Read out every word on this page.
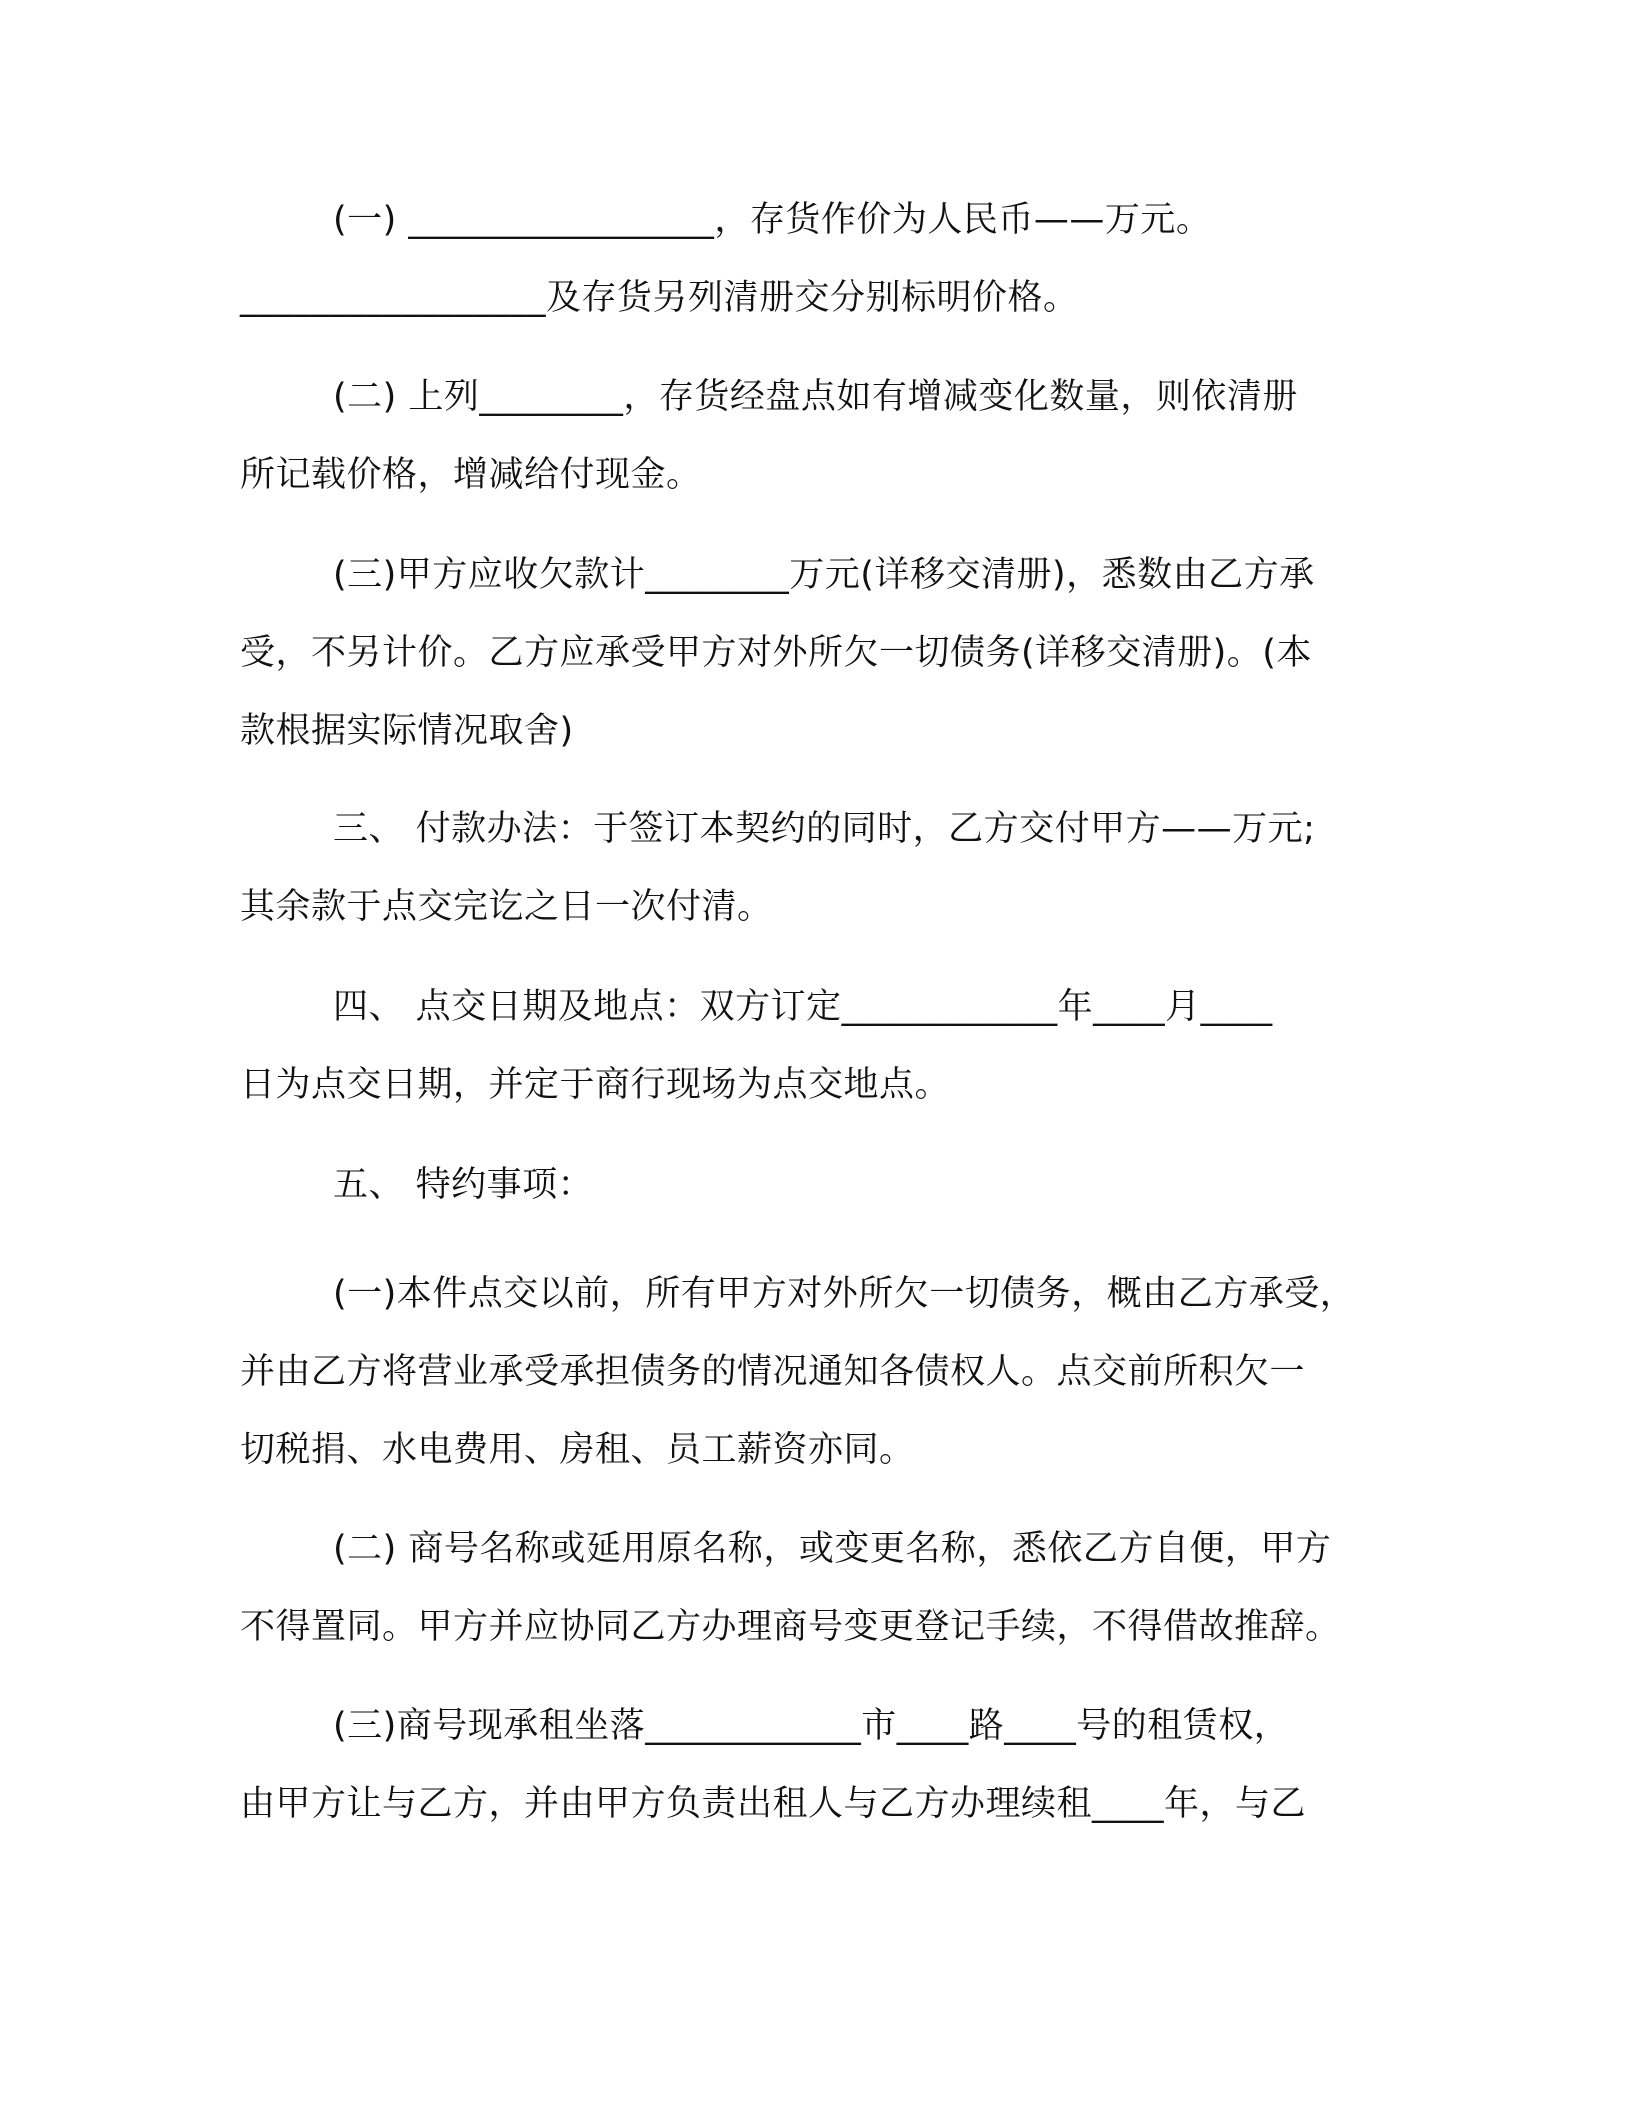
(一) _________________，存货作价为人民币——万元。
_________________及存货另列清册交分别标明价格。
(二) 上列________，存货经盘点如有增减变化数量，则依清册
所记载价格，增减给付现金。
(三)甲方应收欠款计________万元(详移交清册)，悉数由乙方承
受，不另计价。乙方应承受甲方对外所欠一切债务(详移交清册)。(本
款根据实际情况取舍)
三、 付款办法：于签订本契约的同时，乙方交付甲方——万元;
其余款于点交完讫之日一次付清。
四、 点交日期及地点：双方订定____________年____月____
日为点交日期，并定于商行现场为点交地点。
五、 特约事项：
(一)本件点交以前，所有甲方对外所欠一切债务，概由乙方承受，
并由乙方将营业承受承担债务的情况通知各债权人。点交前所积欠一
切税捐、水电费用、房租、员工薪资亦同。
(二) 商号名称或延用原名称，或变更名称，悉依乙方自便，甲方
不得置同。甲方并应协同乙方办理商号变更登记手续，不得借故推辞。
(三)商号现承租坐落____________市____路____号的租赁权，
由甲方让与乙方，并由甲方负责出租人与乙方办理续租____年，与乙
